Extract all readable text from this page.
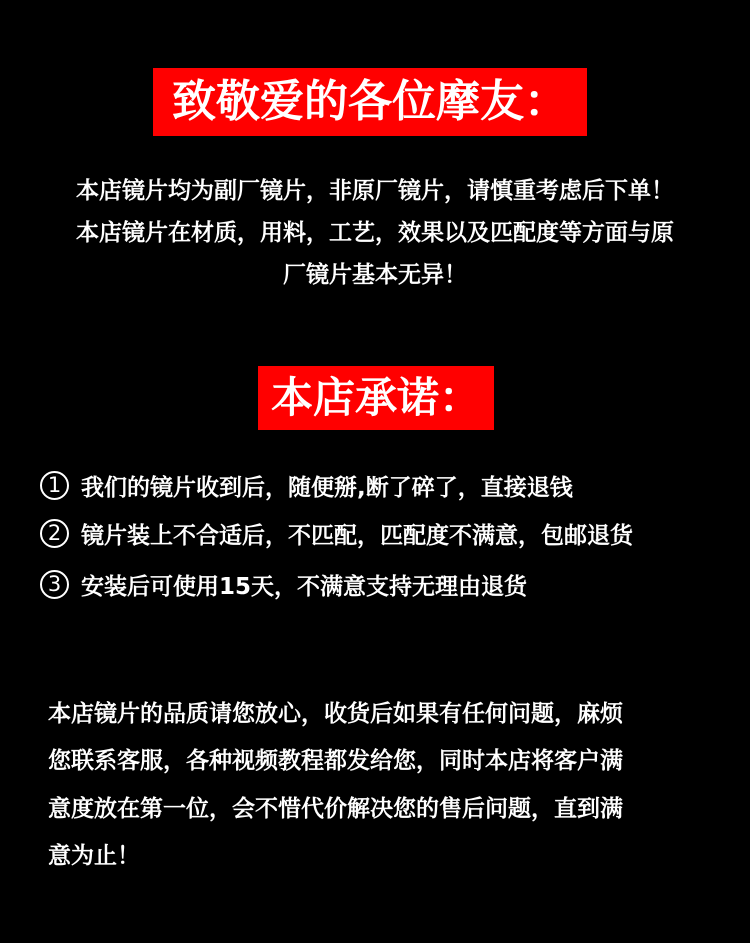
致敬爱的各位摩友：
本店镜片均为副厂镜片，非原厂镜片，请慎重考虑后下单！
本店镜片在材质，用料，工艺，效果以及匹配度等方面与原
厂镜片基本无异！
本店承诺：
1 我们的镜片收到后，随便掰,断了碎了，直接退钱
2 镜片装上不合适后，不匹配，匹配度不满意，包邮退货
3 安装后可使用15天，不满意支持无理由退货
本店镜片的品质请您放心，收货后如果有任何问题，麻烦
您联系客服，各种视频教程都发给您，同时本店将客户满
意度放在第一位，会不惜代价解决您的售后问题，直到满
意为止！
